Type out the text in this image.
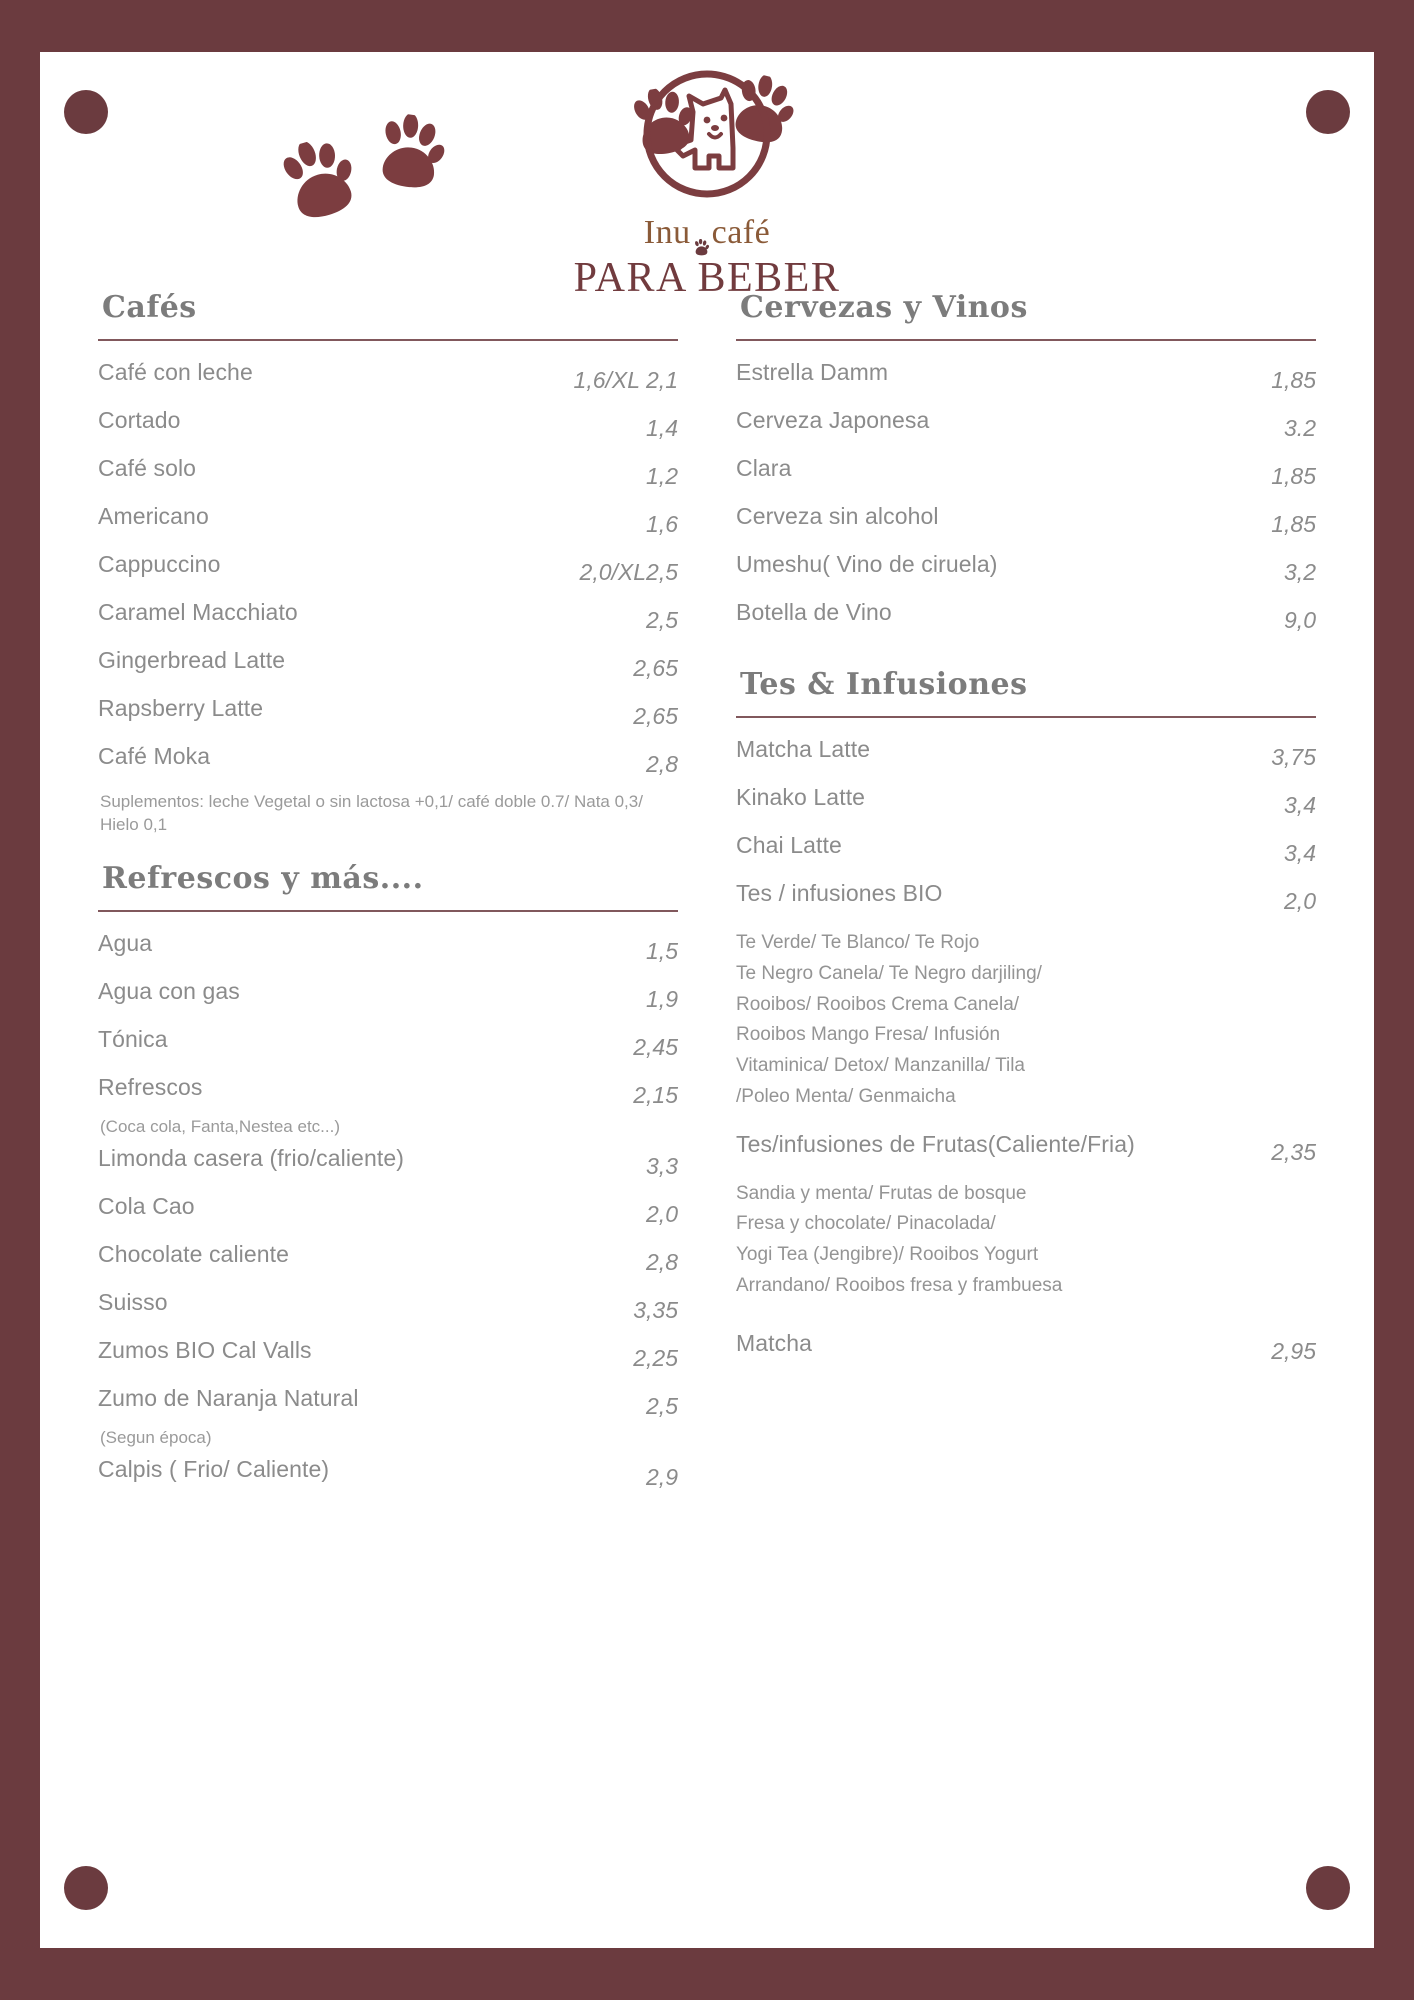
Inu café
PARA BEBER
Cafés
Café con leche	1,6/XL 2,1
Cortado	1,4
Café solo	1,2
Americano	1,6
Cappuccino	2,0/XL2,5
Caramel Macchiato	2,5
Gingerbread Latte	2,65
Rapsberry Latte	2,65
Café Moka	2,8
Suplementos: leche Vegetal o sin lactosa +0,1/ café doble 0.7/ Nata 0,3/ Hielo 0,1
Refrescos y más....
Agua	1,5
Agua con gas	1,9
Tónica	2,45
Refrescos	2,15
(Coca cola, Fanta,Nestea etc...)
Limonda casera (frio/caliente)	3,3
Cola Cao	2,0
Chocolate caliente	2,8
Suisso	3,35
Zumos BIO Cal Valls	2,25
Zumo de Naranja Natural	2,5
(Segun época)
Calpis ( Frio/ Caliente)	2,9
Cervezas y Vinos
Estrella Damm	1,85
Cerveza Japonesa	3.2
Clara	1,85
Cerveza sin alcohol	1,85
Umeshu( Vino de ciruela)	3,2
Botella de Vino	9,0
Tes & Infusiones
Matcha Latte	3,75
Kinako Latte	3,4
Chai Latte	3,4
Tes / infusiones BIO	2,0
Te Verde/ Te Blanco/ Te Rojo
Te Negro Canela/ Te Negro darjiling/
Rooibos/ Rooibos Crema Canela/
Rooibos Mango Fresa/ Infusión
Vitaminica/ Detox/ Manzanilla/ Tila
/Poleo Menta/ Genmaicha
Tes/infusiones de Frutas(Caliente/Fria)	2,35
Sandia y menta/ Frutas de bosque
Fresa y chocolate/ Pinacolada/
Yogi Tea (Jengibre)/ Rooibos Yogurt
Arrandano/ Rooibos fresa y frambuesa
Matcha	2,95
